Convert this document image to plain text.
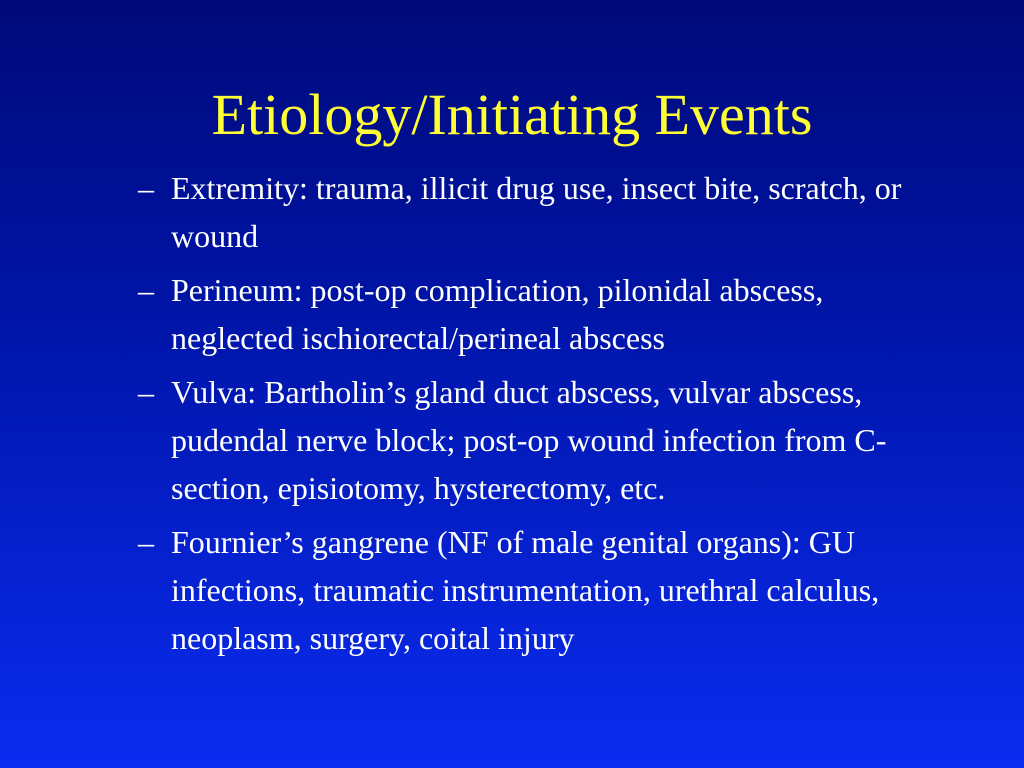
Etiology/Initiating Events
– Extremity: trauma, illicit drug use, insect bite, scratch, or wound
– Perineum: post-op complication, pilonidal abscess, neglected ischiorectal/perineal abscess
– Vulva: Bartholin’s gland duct abscess, vulvar abscess, pudendal nerve block; post-op wound infection from C-section, episiotomy, hysterectomy, etc.
– Fournier’s gangrene (NF of male genital organs): GU infections, traumatic instrumentation, urethral calculus, neoplasm, surgery, coital injury
